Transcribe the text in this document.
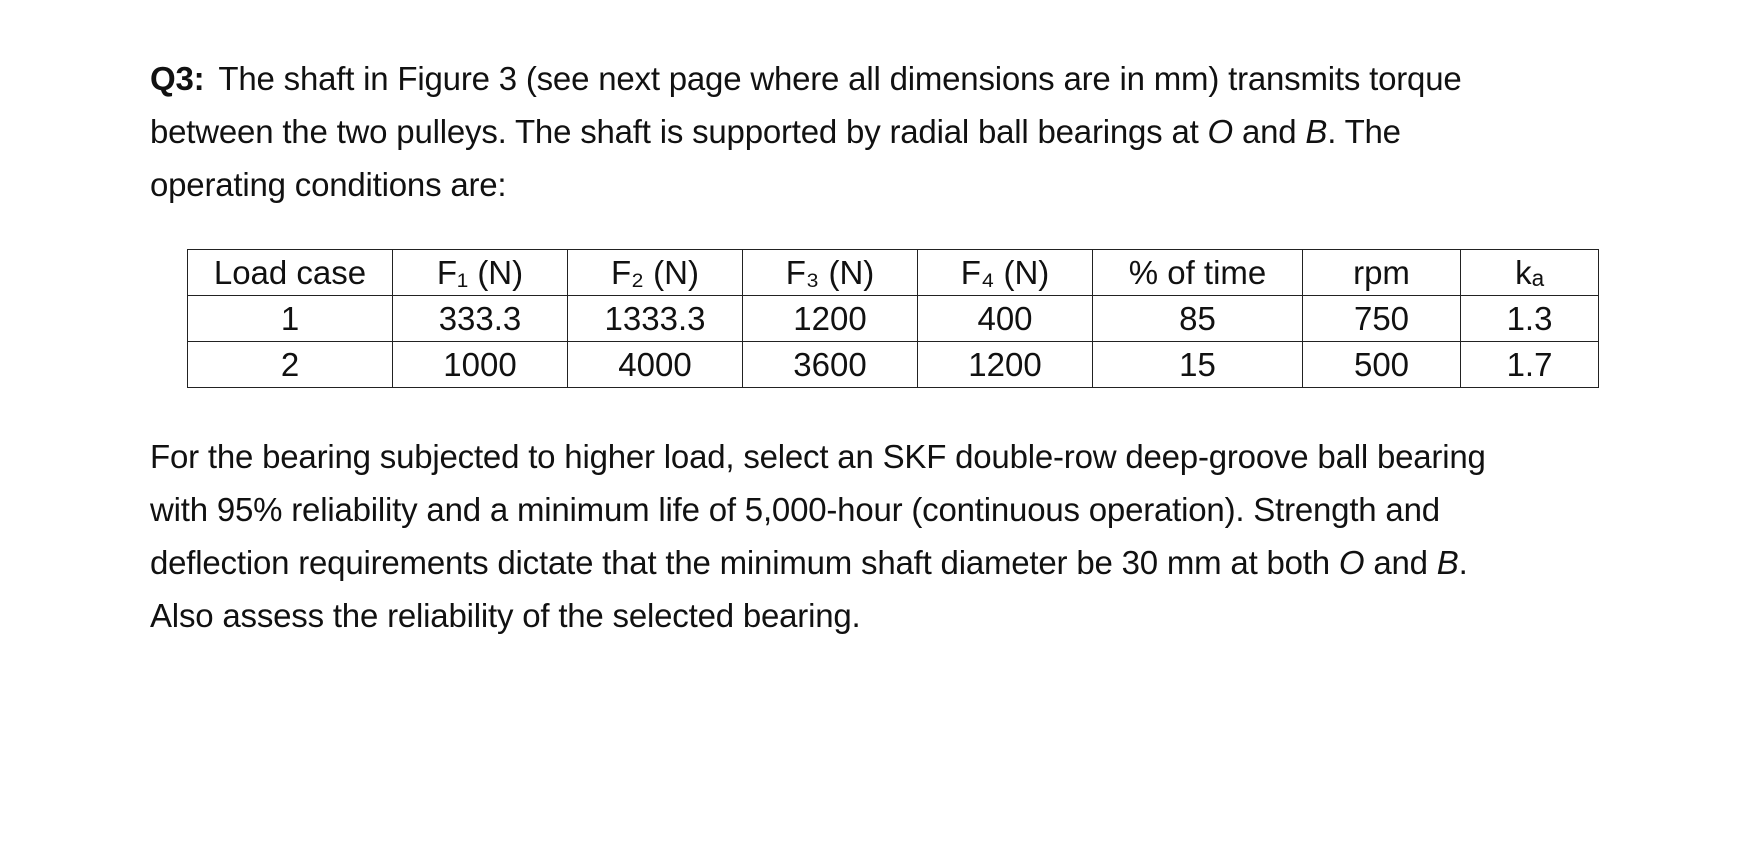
Q3: The shaft in Figure 3 (see next page where all dimensions are in mm) transmits torque
between the two pulleys. The shaft is supported by radial ball bearings at O and B. The
operating conditions are:

Load case	F₁ (N)	F₂ (N)	F₃ (N)	F₄ (N)	% of time	rpm	kₐ
1	333.3	1333.3	1200	400	85	750	1.3
2	1000	4000	3600	1200	15	500	1.7

For the bearing subjected to higher load, select an SKF double-row deep-groove ball bearing
with 95% reliability and a minimum life of 5,000-hour (continuous operation). Strength and
deflection requirements dictate that the minimum shaft diameter be 30 mm at both O and B.
Also assess the reliability of the selected bearing.
